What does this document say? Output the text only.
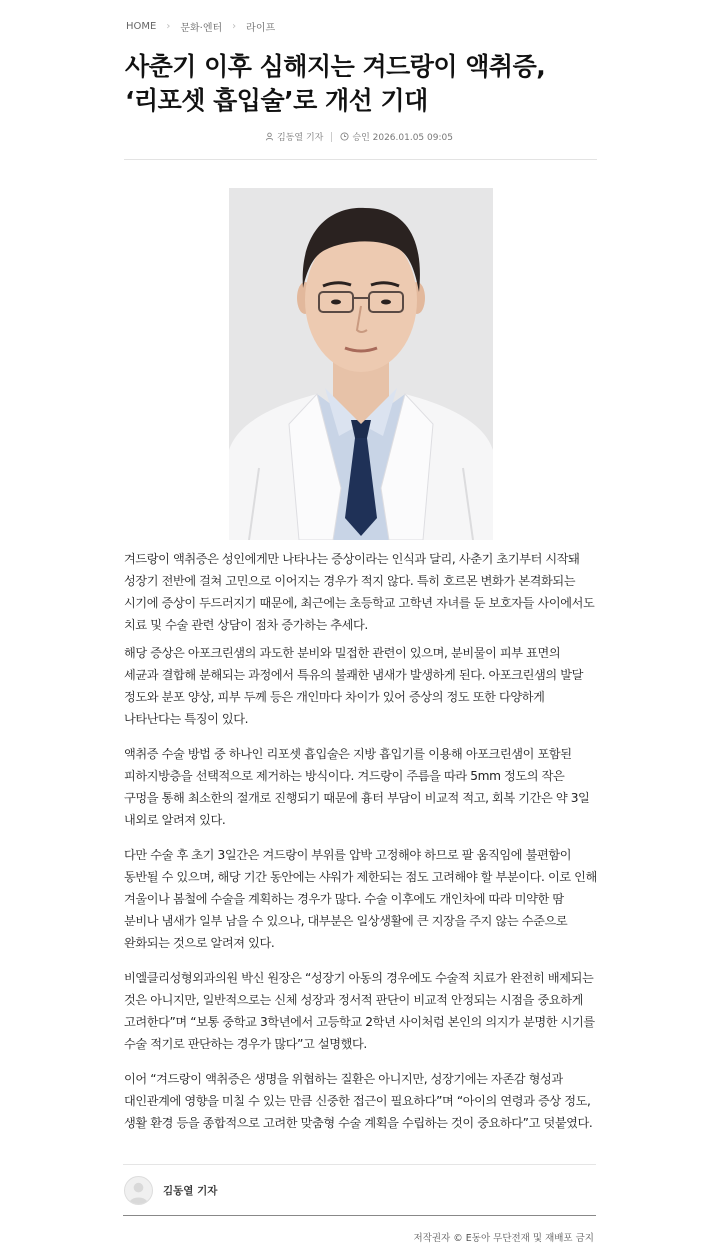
HOME › 문화·엔터 › 라이프
사춘기 이후 심해지는 겨드랑이 액취증,
‘리포셋 흡입술’로 개선 기대
김동열 기자	승인 2026.01.05 09:05

겨드랑이 액취증은 성인에게만 나타나는 증상이라는 인식과 달리, 사춘기 초기부터 시작돼 성장기 전반에 걸쳐 고민으로 이어지는 경우가 적지 않다. 특히 호르몬 변화가 본격화되는 시기에 증상이 두드러지기 때문에, 최근에는 초등학교 고학년 자녀를 둔 보호자들 사이에서도 치료 및 수술 관련 상담이 점차 증가하는 추세다.

해당 증상은 아포크린샘의 과도한 분비와 밀접한 관련이 있으며, 분비물이 피부 표면의 세균과 결합해 분해되는 과정에서 특유의 불쾌한 냄새가 발생하게 된다. 아포크린샘의 발달 정도와 분포 양상, 피부 두께 등은 개인마다 차이가 있어 증상의 정도 또한 다양하게 나타난다는 특징이 있다.

액취증 수술 방법 중 하나인 리포셋 흡입술은 지방 흡입기를 이용해 아포크린샘이 포함된 피하지방층을 선택적으로 제거하는 방식이다. 겨드랑이 주름을 따라 5mm 정도의 작은 구멍을 통해 최소한의 절개로 진행되기 때문에 흉터 부담이 비교적 적고, 회복 기간은 약 3일 내외로 알려져 있다.

다만 수술 후 초기 3일간은 겨드랑이 부위를 압박 고정해야 하므로 팔 움직임에 불편함이 동반될 수 있으며, 해당 기간 동안에는 샤워가 제한되는 점도 고려해야 할 부분이다. 이로 인해 겨울이나 봄철에 수술을 계획하는 경우가 많다. 수술 이후에도 개인차에 따라 미약한 땀 분비나 냄새가 일부 남을 수 있으나, 대부분은 일상생활에 큰 지장을 주지 않는 수준으로 완화되는 것으로 알려져 있다.

비엘클리성형외과의원 박신 원장은 “성장기 아동의 경우에도 수술적 치료가 완전히 배제되는 것은 아니지만, 일반적으로는 신체 성장과 정서적 판단이 비교적 안정되는 시점을 중요하게 고려한다”며 “보통 중학교 3학년에서 고등학교 2학년 사이처럼 본인의 의지가 분명한 시기를 수술 적기로 판단하는 경우가 많다”고 설명했다.

이어 “겨드랑이 액취증은 생명을 위협하는 질환은 아니지만, 성장기에는 자존감 형성과 대인관계에 영향을 미칠 수 있는 만큼 신중한 접근이 필요하다”며 “아이의 연령과 증상 정도, 생활 환경 등을 종합적으로 고려한 맞춤형 수술 계획을 수립하는 것이 중요하다”고 덧붙였다.

김동열 기자
저작권자 © E동아 무단전재 및 재배포 금지
